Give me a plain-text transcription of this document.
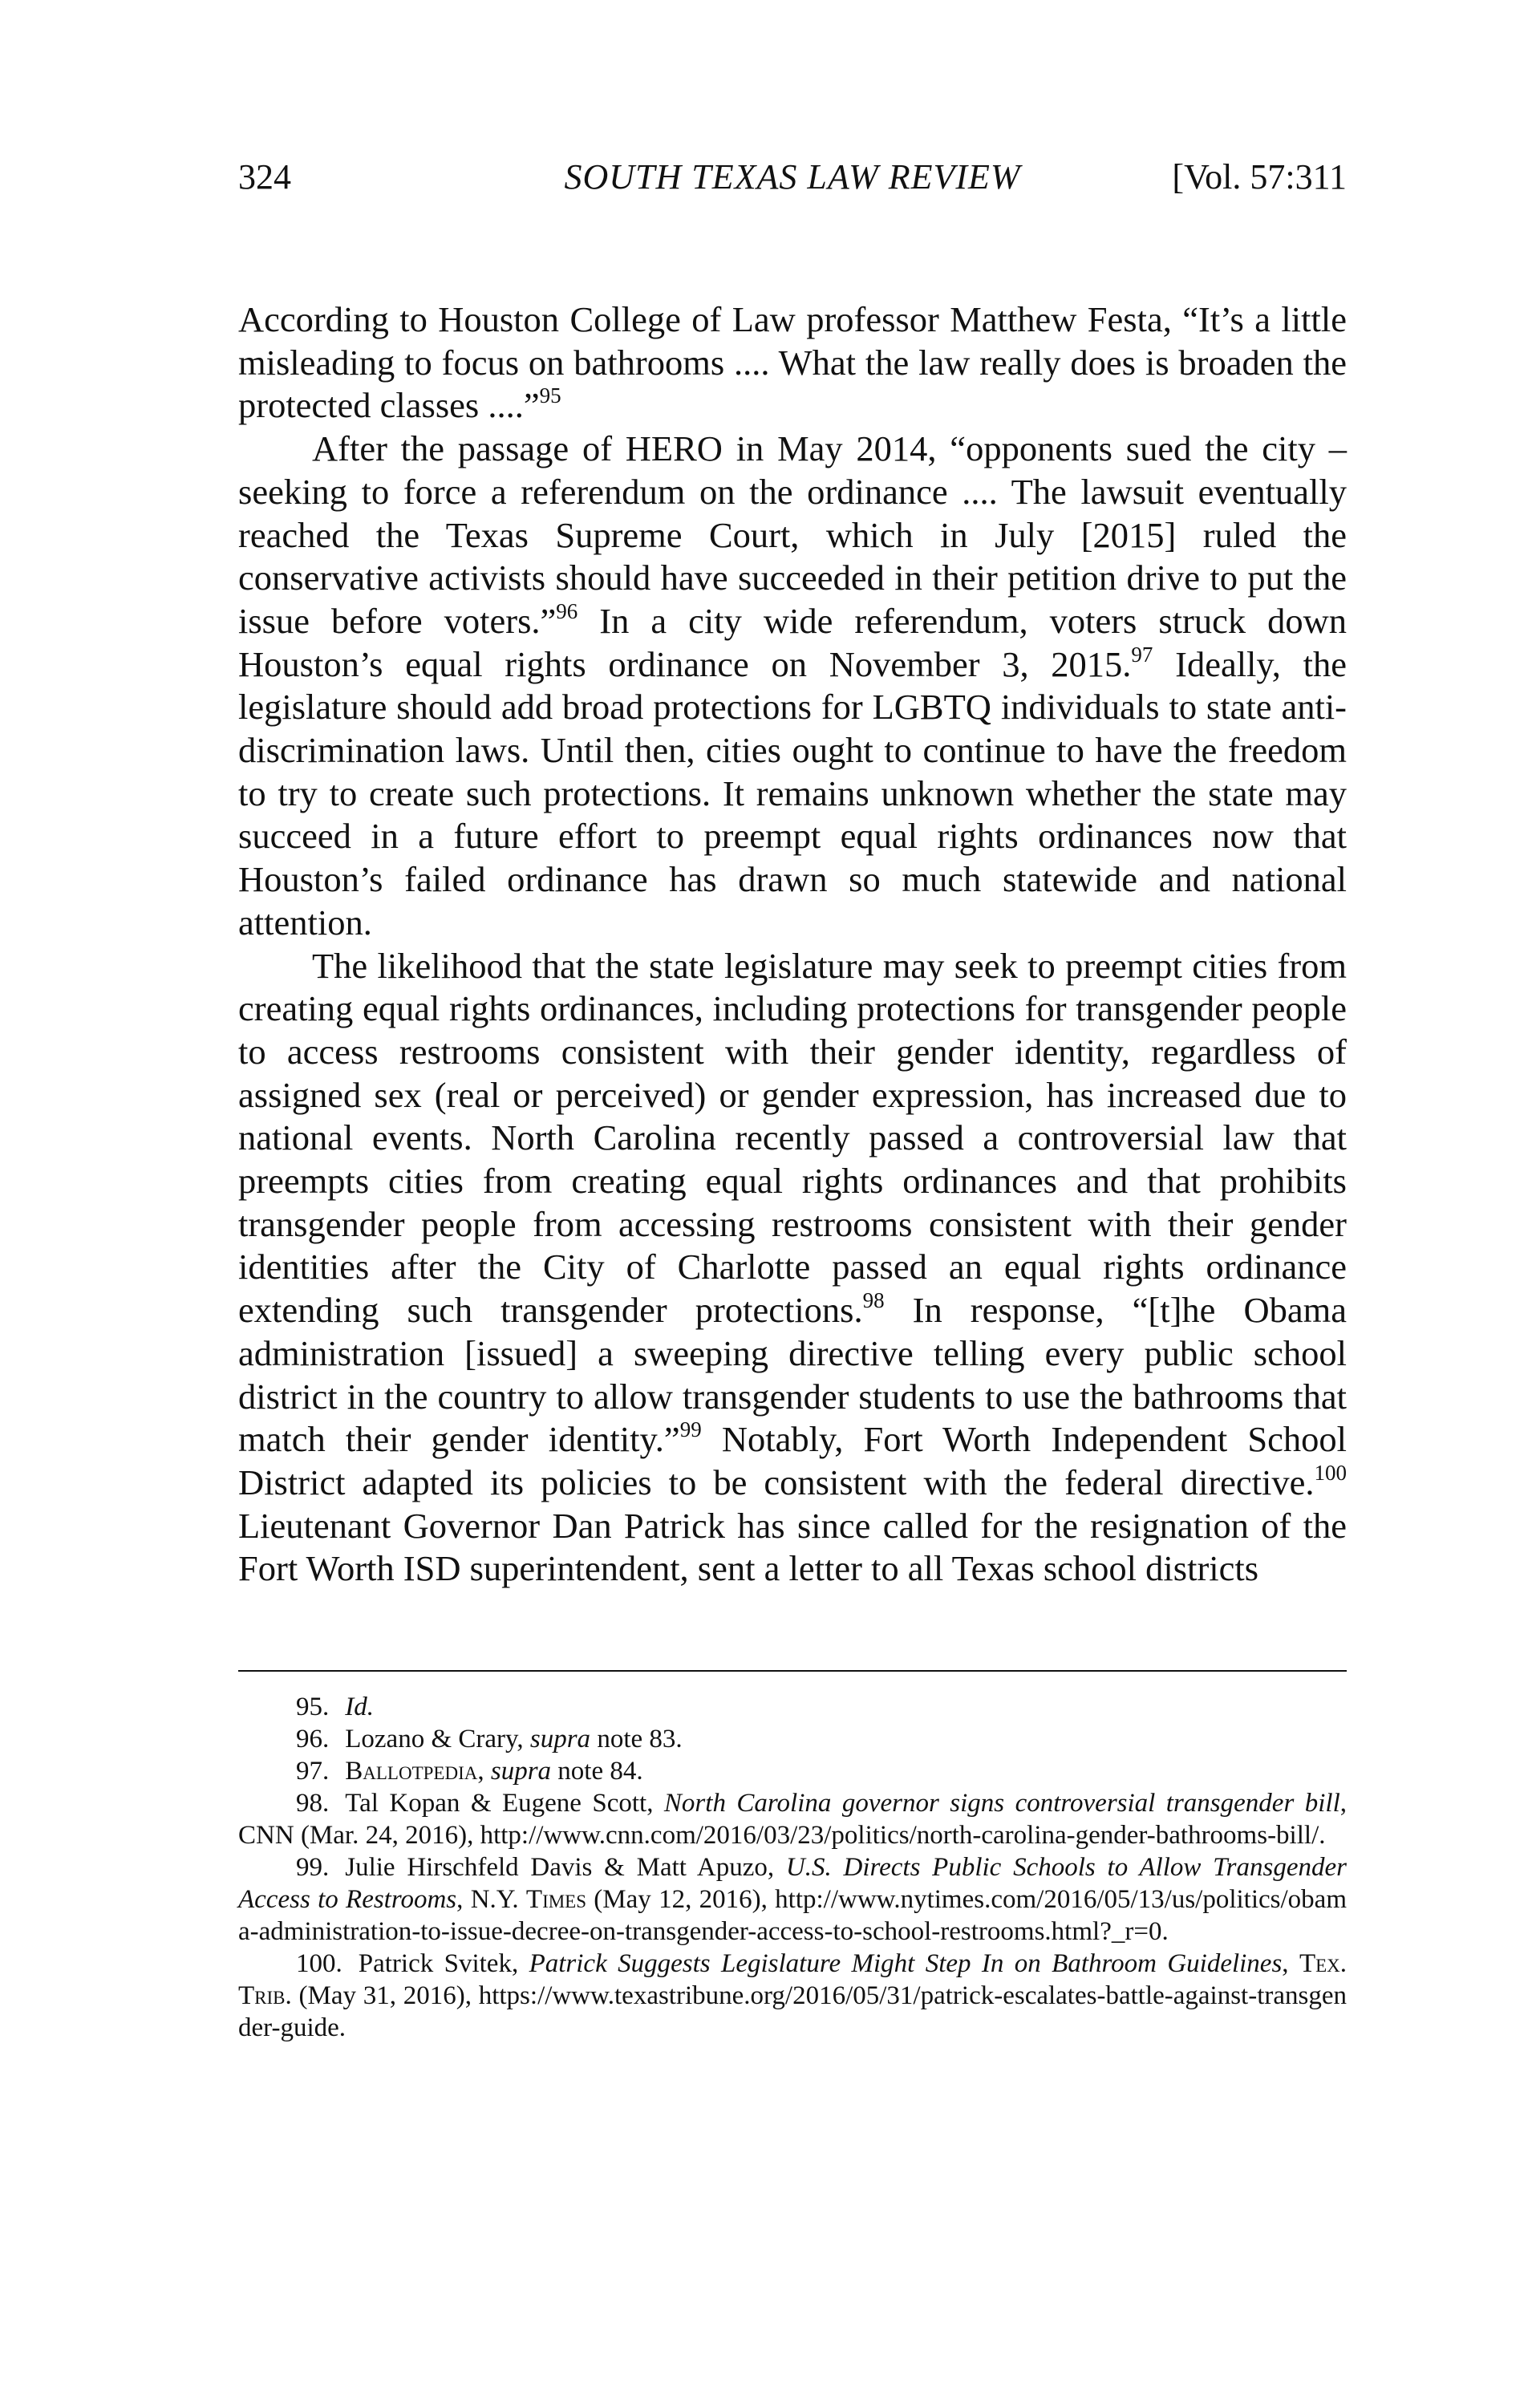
324	SOUTH TEXAS LAW REVIEW	[Vol. 57:311

According to Houston College of Law professor Matthew Festa, “It’s a little misleading to focus on bathrooms .... What the law really does is broaden the protected classes ....”$^{95}$

After the passage of HERO in May 2014, “opponents sued the city – seeking to force a referendum on the ordinance .... The lawsuit eventually reached the Texas Supreme Court, which in July [2015] ruled the conservative activists should have succeeded in their petition drive to put the issue before voters.”$^{96}$ In a city wide referendum, voters struck down Houston’s equal rights ordinance on November 3, 2015.97 Ideally, the legislature should add broad protections for LGBTQ individuals to state anti-discrimination laws. Until then, cities ought to continue to have the freedom to try to create such protections. It remains unknown whether the state may succeed in a future effort to preempt equal rights ordinances now that Houston’s failed ordinance has drawn so much statewide and national attention.

The likelihood that the state legislature may seek to preempt cities from creating equal rights ordinances, including protections for transgender people to access restrooms consistent with their gender identity, regardless of assigned sex (real or perceived) or gender expression, has increased due to national events. North Carolina recently passed a controversial law that preempts cities from creating equal rights ordinances and that prohibits transgender people from accessing restrooms consistent with their gender identities after the City of Charlotte passed an equal rights ordinance extending such transgender protections.$^{98}$ In response, “[t]he Obama administration [issued] a sweeping directive telling every public school district in the country to allow transgender students to use the bathrooms that match their gender identity.”$^{99}$ Notably, Fort Worth Independent School District adapted its policies to be consistent with the federal directive.$^{100}$ Lieutenant Governor Dan Patrick has since called for the resignation of the Fort Worth ISD superintendent, sent a letter to all Texas school districts

95. Id.

96. Lozano & Crary, supra note 83.

97. Ballotpedia, supra note 84.

98. Tal Kopan & Eugene Scott, North Carolina governor signs controversial transgender bill, CNN (Mar. 24, 2016), http://www.cnn.com/2016/03/23/politics/north-carolina-gender-bathrooms-bill/.

99. Julie Hirschfeld Davis & Matt Apuzo, U.S. Directs Public Schools to Allow Transgender Access to Restrooms, N.Y. Times (May 12, 2016), http://www.nytimes.com/2016/05/13/us/politics/obama-administration-to-issue-decree-on-transgender-access-to-school-restrooms.html?_r=0.

100. Patrick Svitek, Patrick Suggests Legislature Might Step In on Bathroom Guidelines, Tex. Trib. (May 31, 2016), https://www.texastribune.org/2016/05/31/patrick-escalates-battle-against-transgender-guide.
